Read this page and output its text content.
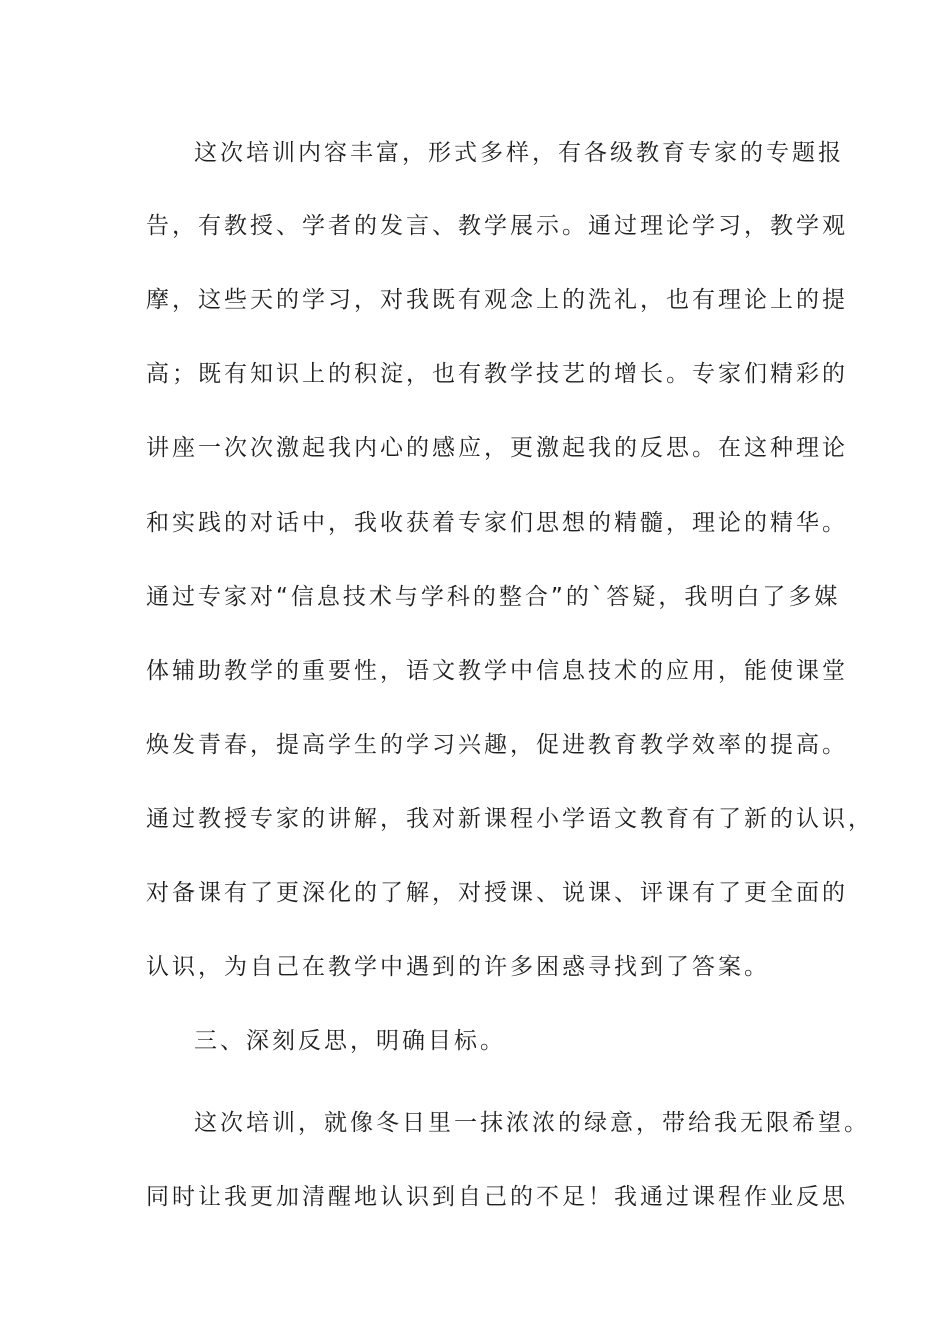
这次培训内容丰富，形式多样，有各级教育专家的专题报
告，有教授、学者的发言、教学展示。通过理论学习，教学观
摩，这些天的学习，对我既有观念上的洗礼，也有理论上的提
高；既有知识上的积淀，也有教学技艺的增长。专家们精彩的
讲座一次次激起我内心的感应，更激起我的反思。在这种理论
和实践的对话中，我收获着专家们思想的精髓，理论的精华。
通过专家对“信息技术与学科的整合”的`答疑，我明白了多媒
体辅助教学的重要性，语文教学中信息技术的应用，能使课堂
焕发青春，提高学生的学习兴趣，促进教育教学效率的提高。
通过教授专家的讲解，我对新课程小学语文教育有了新的认识，
对备课有了更深化的了解，对授课、说课、评课有了更全面的
认识，为自己在教学中遇到的许多困惑寻找到了答案。
三、深刻反思，明确目标。
这次培训，就像冬日里一抹浓浓的绿意，带给我无限希望。
同时让我更加清醒地认识到自己的不足！我通过课程作业反思
